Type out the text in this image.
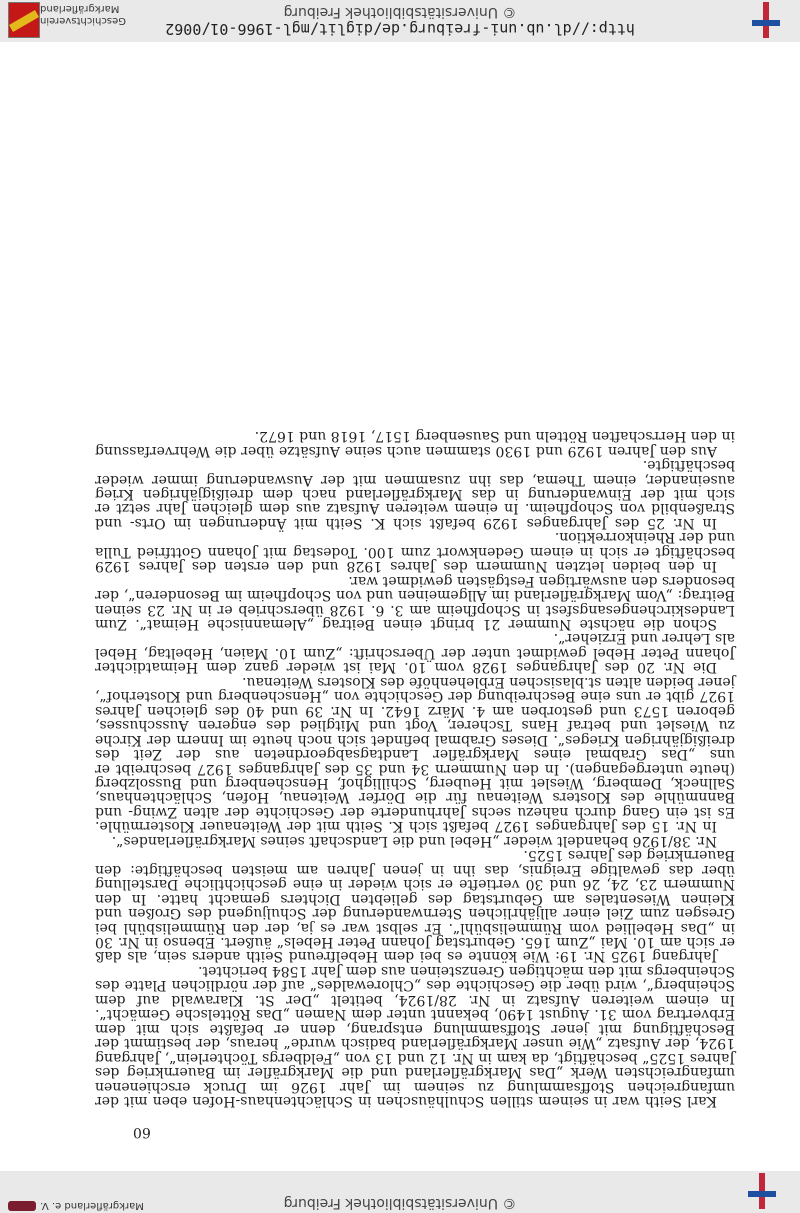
http://dl.ub.uni-freiburg.de/diglit/mgl-1966-01/0062
© Universitätsbibliothek Freiburg
Geschichtsverein Markgräflerland
60

Karl Seith war in seinem stillen Schulhäuschen in Schlächtenhaus-Hofen eben mit der umfangreichen Stoffsammlung zu seinem im Jahr 1926 im Druck erschienenen umfangreichsten Werk „Das Markgräflerland und die Markgräfler im Bauernkrieg des Jahres 1525“ beschäftigt, da kam in Nr. 12 und 13 von „Feldbergs Töchterlein“, Jahrgang 1924, der Aufsatz „Wie unser Markgräflerland badisch wurde“ heraus, der bestimmt der Beschäftigung mit jener Stoffsammlung entsprang, denn er befaßte sich mit dem Erbvertrag vom 31. August 1490, bekannt unter dem Namen „Das Röttelsche Gemächt“. In einem weiteren Aufsatz in Nr. 28/1924, betitelt „Der St. Klarawald auf dem Scheinberg“, wird über die Geschichte des „Chlorewaldes“ auf der nördlichen Platte des Scheinbergs mit den mächtigen Grenzsteinen aus dem Jahr 1584 berichtet.

Jahrgang 1925 Nr. 19: Wie könnte es bei dem Hebelfreund Seith anders sein, als daß er sich am 10. Mai „Zum 165. Geburtstag Johann Peter Hebels“ äußert. Ebenso in Nr. 30 in „Das Hebellied vom Rümmelisbühl“. Er selbst war es ja, der den Rümmelisbühl bei Gresgen zum Ziel einer alljährlichen Sternwanderung der Schuljugend des Großen und Kleinen Wiesentales am Geburtstag des geliebten Dichters gemacht hatte. In den Nummern 23, 24, 26 und 30 vertiefte er sich wieder in eine geschichtliche Darstellung über das gewaltige Ereignis, das ihn in jenen Jahren am meisten beschäftigte: den Bauernkrieg des Jahres 1525.

Nr. 38/1926 behandelt wieder „Hebel und die Landschaft seines Markgräflerlandes“.

In Nr. 15 des Jahrganges 1927 befaßt sich K. Seith mit der Weitenauer Klostermühle. Es ist ein Gang durch nahezu sechs Jahrhunderte der Geschichte der alten Zwing- und Bannmühle des Klosters Weitenau für die Dörfer Weitenau, Hofen, Schlächtenhaus, Sallneck, Demberg, Wieslet mit Heuberg, Schillighof, Henschenberg und Bussolzberg (heute untergegangen). In den Nummern 34 und 35 des Jahrganges 1927 beschreibt er uns „Das Grabmal eines Markgräfler Landtagsabgeordneten aus der Zeit des dreißigjährigen Krieges“. Dieses Grabmal befindet sich noch heute im Innern der Kirche zu Wieslet und betraf Hans Tscherer, Vogt und Mitglied des engeren Ausschusses, geboren 1573 und gestorben am 4. März 1642. In Nr. 39 und 40 des gleichen Jahres 1927 gibt er uns eine Beschreibung der Geschichte von „Henschenberg und Klosterhof“, jener beiden alten st.blasischen Erblehenhöfe des Klosters Weitenau.

Die Nr. 20 des Jahrganges 1928 vom 10. Mai ist wieder ganz dem Heimatdichter Johann Peter Hebel gewidmet unter der Überschrift: „Zum 10. Maien, Hebeltag, Hebel als Lehrer und Erzieher“.

Schon die nächste Nummer 21 bringt einen Beitrag „Alemannische Heimat“. Zum Landeskirchengesangsfest in Schopfheim am 3. 6. 1928 überschrieb er in Nr. 23 seinen Beitrag: „Vom Markgräflerland im Allgemeinen und von Schopfheim im Besonderen“, der besonders den auswärtigen Festgästen gewidmet war.

In den beiden letzten Nummern des Jahres 1928 und den ersten des Jahres 1929 beschäftigt er sich in einem Gedenkwort zum 100. Todestag mit Johann Gottfried Tulla und der Rheinkorrektion.

In Nr. 25 des Jahrganges 1929 befaßt sich K. Seith mit Änderungen im Orts- und Straßenbild von Schopfheim. In einem weiteren Aufsatz aus dem gleichen Jahr setzt er sich mit der Einwanderung in das Markgräflerland nach dem dreißigjährigen Krieg auseinander, einem Thema, das ihn zusammen mit der Auswanderung immer wieder beschäftigte.

Aus den Jahren 1929 und 1930 stammen auch seine Aufsätze über die Wehrverfassung in den Herrschaften Rötteln und Sausenberg 1517, 1618 und 1672.

© Universitätsbibliothek Freiburg
Markgräflerland e. V.
